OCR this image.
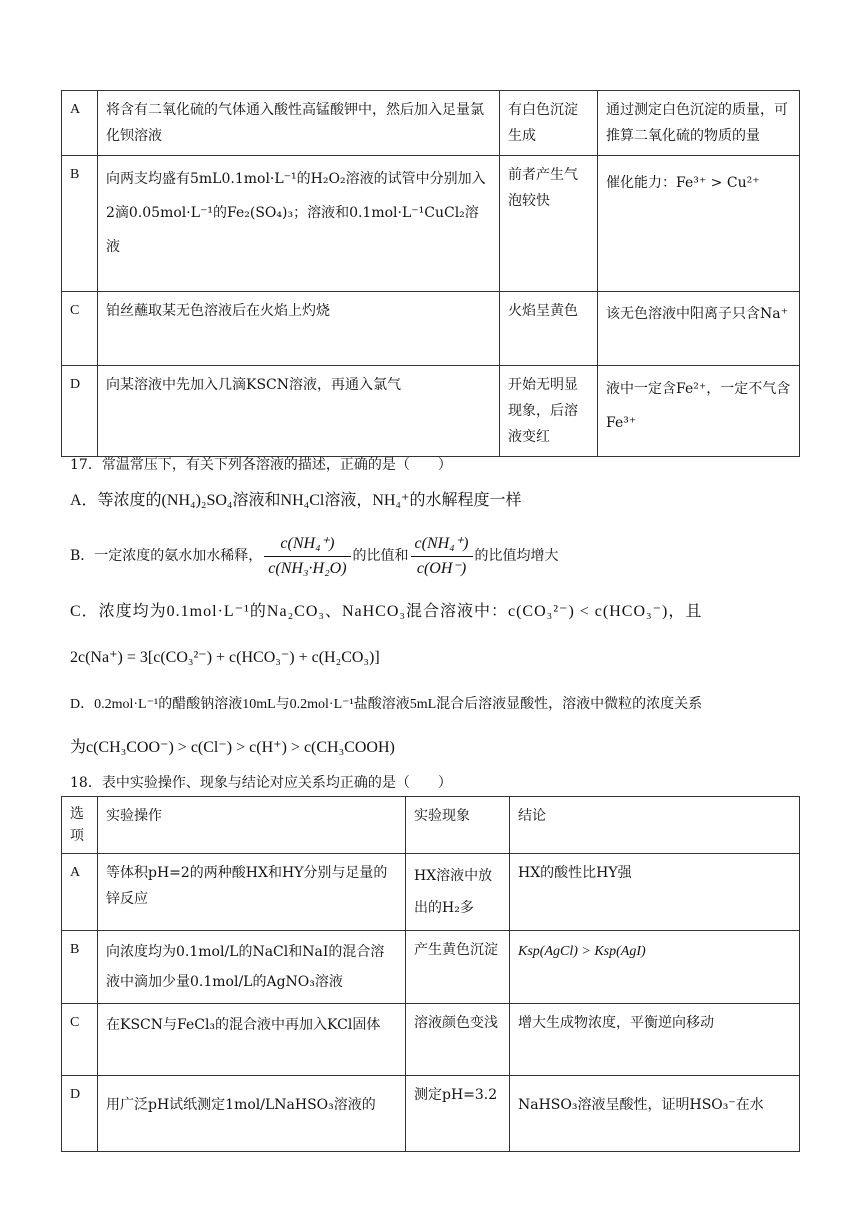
A	将含有二氧化硫的气体通入酸性高锰酸钾中，然后加入足量氯化钡溶液	有白色沉淀生成	通过测定白色沉淀的质量，可推算二氧化硫的物质的量
B	向两支均盛有5mL0.1mol·L⁻¹的H₂O₂溶液的试管中分别加入2滴0.05mol·L⁻¹的Fe₂(SO₄)₃；溶液和0.1mol·L⁻¹CuCl₂溶液	前者产生气泡较快	催化能力：Fe³⁺ > Cu²⁺
C	铂丝蘸取某无色溶液后在火焰上灼烧	火焰呈黄色	该无色溶液中阳离子只含Na⁺
D	向某溶液中先加入几滴KSCN溶液，再通入氯气	开始无明显现象，后溶液变红	液中一定含Fe²⁺，一定不气含Fe³⁺
17．常温常压下，有关下列各溶液的描述，正确的是（　　）
A．等浓度的(NH₄)₂SO₄溶液和NH₄Cl溶液，NH₄⁺的水解程度一样
B．一定浓度的氨水加水稀释， $\frac{\text{c(NH₄⁺)}}{\text{c(NH₃·H₂O)}}$ 的比值和 $\frac{\text{c(NH₄⁺)}}{c(OH^-)}$ 的比值均增大
C．浓度均为0.1mol·L⁻¹的Na₂CO₃、NaHCO₃混合溶液中：c(CO₃²⁻) < c(HCO₃⁻)，且
2c(Na⁺) = 3[c(CO₃²⁻) + c(HCO₃⁻) + c(H₂CO₃)]
D．0.2mol·L⁻¹的醋酸钠溶液10mL与0.2mol·L⁻¹盐酸溶液5mL混合后溶液显酸性，溶液中微粒的浓度关系
为c(CH₃COO⁻) > c(Cl⁻) > c(H⁺) > c(CH₃COOH)
18．表中实验操作、现象与结论对应关系均正确的是（　　）
选项	实验操作	实验现象	结论
A	等体积pH=2的两种酸HX和HY分别与足量的锌反应	HX溶液中放出的H₂多	HX的酸性比HY强
B	向浓度均为0.1mol/L的NaCl和NaI的混合溶液中滴加少量0.1mol/L的AgNO₃溶液	产生黄色沉淀	Ksp(AgCl) > Ksp(AgI)
C	在KSCN与FeCl₃的混合液中再加入KCl固体	溶液颜色变浅	增大生成物浓度，平衡逆向移动
D	用广泛pH试纸测定1mol/LNaHSO₃溶液的	测定pH=3.2	NaHSO₃溶液呈酸性，证明HSO₃⁻在水
